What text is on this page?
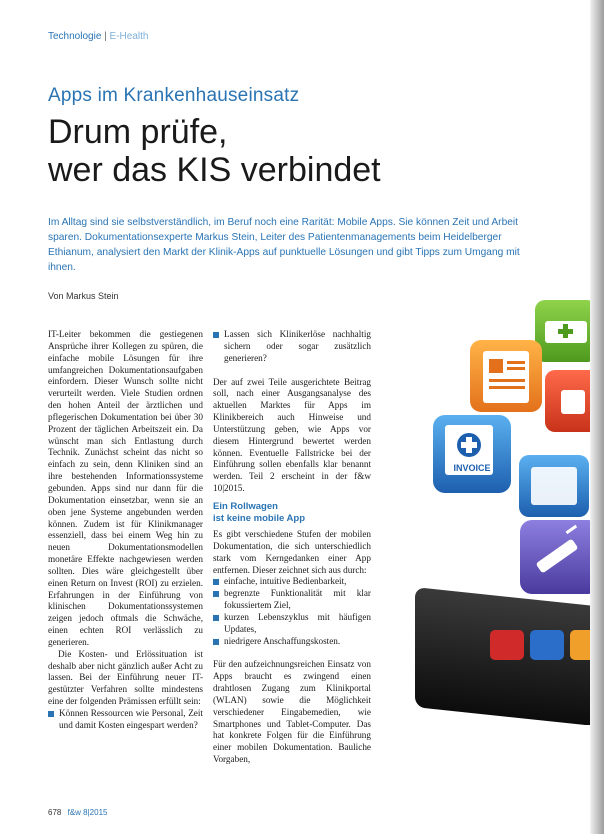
Technologie | E-Health
Apps im Krankenhauseinsatz
Drum prüfe,
wer das KIS verbindet
Im Alltag sind sie selbstverständlich, im Beruf noch eine Rarität: Mobile Apps. Sie können Zeit und Arbeit sparen. Dokumentationsexperte Markus Stein, Leiter des Patientenmanagements beim Heidelberger Ethianum, analysiert den Markt der Klinik-Apps auf punktuelle Lösungen und gibt Tipps zum Umgang mit ihnen.
Von Markus Stein

IT-Leiter bekommen die gestiegenen Ansprüche ihrer Kollegen zu spüren, die einfache mobile Lösungen für ihre umfangreichen Dokumentationsaufgaben einfordern. Dieser Wunsch sollte nicht verurteilt werden. Viele Studien ordnen den hohen Anteil der ärztlichen und pflegerischen Dokumentation bei über 30 Prozent der täglichen Arbeitszeit ein. Da wünscht man sich Entlastung durch Technik. Zunächst scheint das nicht so einfach zu sein, denn Kliniken sind an ihre bestehenden Informationssysteme gebunden. Apps sind nur dann für die Dokumentation einsetzbar, wenn sie an oben jene Systeme angebunden werden können. Zudem ist für Klinikmanager essenziell, dass bei einem Weg hin zu neuen Dokumentationsmodellen monetäre Effekte nachgewiesen werden sollten. Dies wäre gleichgestellt über einen Return on Invest (ROI) zu erzielen. Erfahrungen in der Einführung von klinischen Dokumentationssystemen zeigen jedoch oftmals die Schwäche, einen echten ROI verlässlich zu generieren.

Die Kosten- und Erlössituation ist deshalb aber nicht gänzlich außer Acht zu lassen. Bei der Einführung neuer IT-gestützter Verfahren sollte mindestens eine der folgenden Prämissen erfüllt sein:

Können Ressourcen wie Personal, Zeit und damit Kosten eingespart werden?
Lassen sich Klinikerlöse nachhaltig sichern oder sogar zusätzlich generieren?

Der auf zwei Teile ausgerichtete Beitrag soll, nach einer Ausgangsanalyse des aktuellen Marktes für Apps im Klinikbereich auch Hinweise und Unterstützung geben, wie Apps vor diesem Hintergrund bewertet werden können. Eventuelle Fallstricke bei der Einführung sollen ebenfalls klar benannt werden. Teil 2 erscheint in der f&w 10|2015.

Ein Rollwagen
ist keine mobile App

Es gibt verschiedene Stufen der mobilen Dokumentation, die sich unterschiedlich stark vom Kerngedanken einer App entfernen. Dieser zeichnet sich aus durch:

einfache, intuitive Bedienbarkeit,
begrenzte Funktionalität mit klar fokussiertem Ziel,
kurzen Lebenszyklus mit häufigen Updates,
niedrigere Anschaffungskosten.

Für den aufzeichnungsreichen Einsatz von Apps braucht es zwingend einen drahtlosen Zugang zum Klinikportal (WLAN) sowie die Möglichkeit verschiedener Eingabemedien, wie Smartphones und Tablet-Computer. Das hat konkrete Folgen für die Einführung einer mobilen Dokumentation. Bauliche Vorgaben,

INVOICE
678 f&w 8|2015
